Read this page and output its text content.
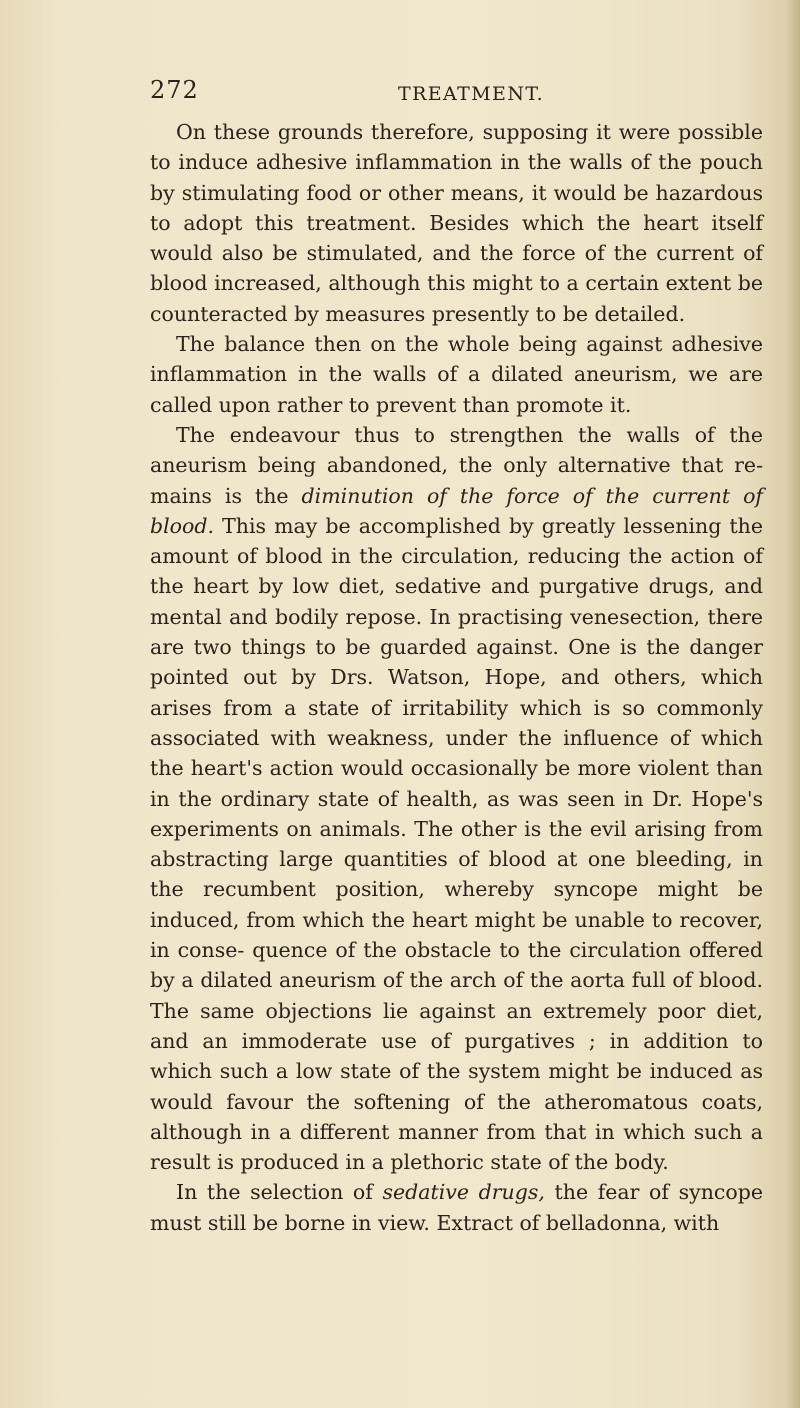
272	TREATMENT.

On these grounds therefore, supposing it were possible to induce adhesive inflammation in the walls of the pouch by stimulating food or other means, it would be hazardous to adopt this treatment. Besides which the heart itself would also be stimulated, and the force of the current of blood increased, although this might to a certain extent be counteracted by measures presently to be detailed.

The balance then on the whole being against adhesive inflammation in the walls of a dilated aneurism, we are called upon rather to prevent than promote it.

The endeavour thus to strengthen the walls of the aneurism being abandoned, the only alternative that re- mains is the diminution of the force of the current of blood. This may be accomplished by greatly lessening the amount of blood in the circulation, reducing the action of the heart by low diet, sedative and purgative drugs, and mental and bodily repose. In practising venesection, there are two things to be guarded against. One is the danger pointed out by Drs. Watson, Hope, and others, which arises from a state of irritability which is so commonly associated with weakness, under the influence of which the heart's action would occasionally be more violent than in the ordinary state of health, as was seen in Dr. Hope's experiments on animals. The other is the evil arising from abstracting large quantities of blood at one bleeding, in the recumbent position, whereby syncope might be induced, from which the heart might be unable to recover, in conse- quence of the obstacle to the circulation offered by a dilated aneurism of the arch of the aorta full of blood. The same objections lie against an extremely poor diet, and an immoderate use of purgatives ; in addition to which such a low state of the system might be induced as would favour the softening of the atheromatous coats, although in a different manner from that in which such a result is produced in a plethoric state of the body.

In the selection of sedative drugs, the fear of syncope must still be borne in view. Extract of belladonna, with
